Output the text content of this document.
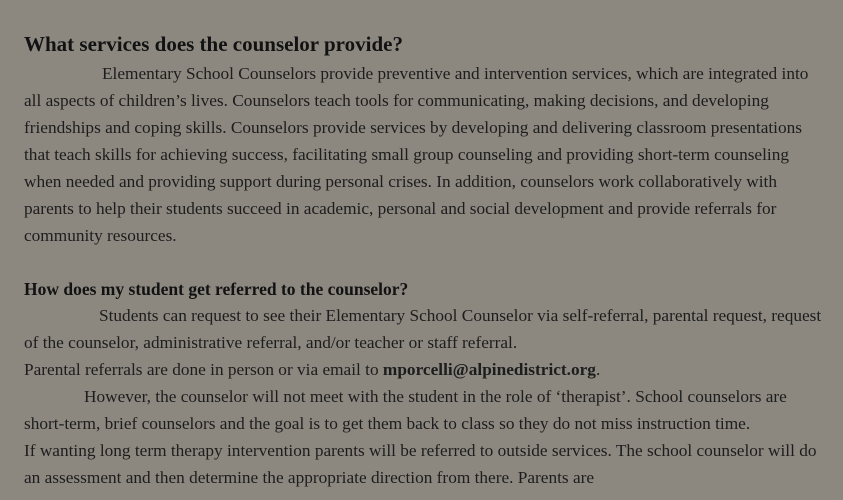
What services does the counselor provide?

Elementary School Counselors provide preventive and intervention services, which are integrated into all aspects of children’s lives. Counselors teach tools for communicating, making decisions, and developing friendships and coping skills. Counselors provide services by developing and delivering classroom presentations that teach skills for achieving success, facilitating small group counseling and providing short-term counseling when needed and providing support during personal crises. In addition, counselors work collaboratively with parents to help their students succeed in academic, personal and social development and provide referrals for community resources.

How does my student get referred to the counselor?

Students can request to see their Elementary School Counselor via self-referral, parental request, request of the counselor, administrative referral, and/or teacher or staff referral.

Parental referrals are done in person or via email to mporcelli@alpinedistrict.org.

However, the counselor will not meet with the student in the role of ‘therapist’. School counselors are short-term, brief counselors and the goal is to get them back to class so they do not miss instruction time.

If wanting long term therapy intervention parents will be referred to outside services. The school counselor will do an assessment and then determine the appropriate direction from there. Parents are
